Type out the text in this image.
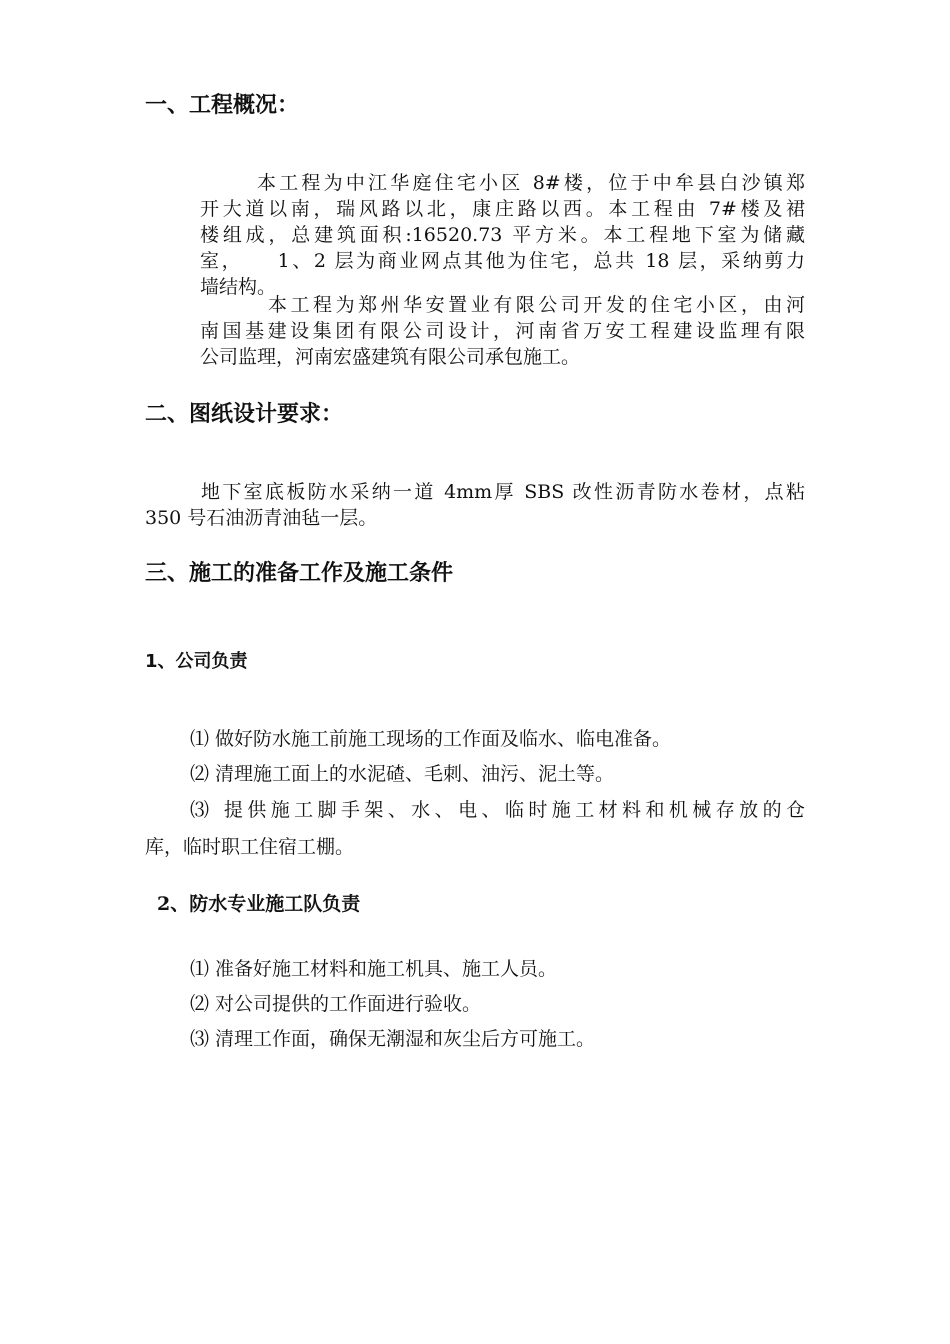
一、工程概况：
本工程为中江华庭住宅小区 8#楼，位于中牟县白沙镇郑
开大道以南，瑞风路以北，康庄路以西。本工程由 7#楼及裙
楼组成，总建筑面积:16520.73 平方米。本工程地下室为储藏
室，    1、2 层为商业网点其他为住宅，总共 18 层，采纳剪力
墙结构。
本工程为郑州华安置业有限公司开发的住宅小区，由河
南国基建设集团有限公司设计，河南省万安工程建设监理有限
公司监理，河南宏盛建筑有限公司承包施工。
二、图纸设计要求：
地下室底板防水采纳一道 4mm厚 SBS 改性沥青防水卷材，点粘
350 号石油沥青油毡一层。
三、施工的准备工作及施工条件
1、公司负责

⑴ 做好防水施工前施工现场的工作面及临水、临电准备。

⑵ 清理施工面上的水泥碴、毛刺、油污、泥土等。

⑶ 提供施工脚手架、水、电、临时施工材料和机械存放的仓
库，临时职工住宿工棚。
2、防水专业施工队负责

⑴ 准备好施工材料和施工机具、施工人员。

⑵ 对公司提供的工作面进行验收。

⑶ 清理工作面，确保无潮湿和灰尘后方可施工。
